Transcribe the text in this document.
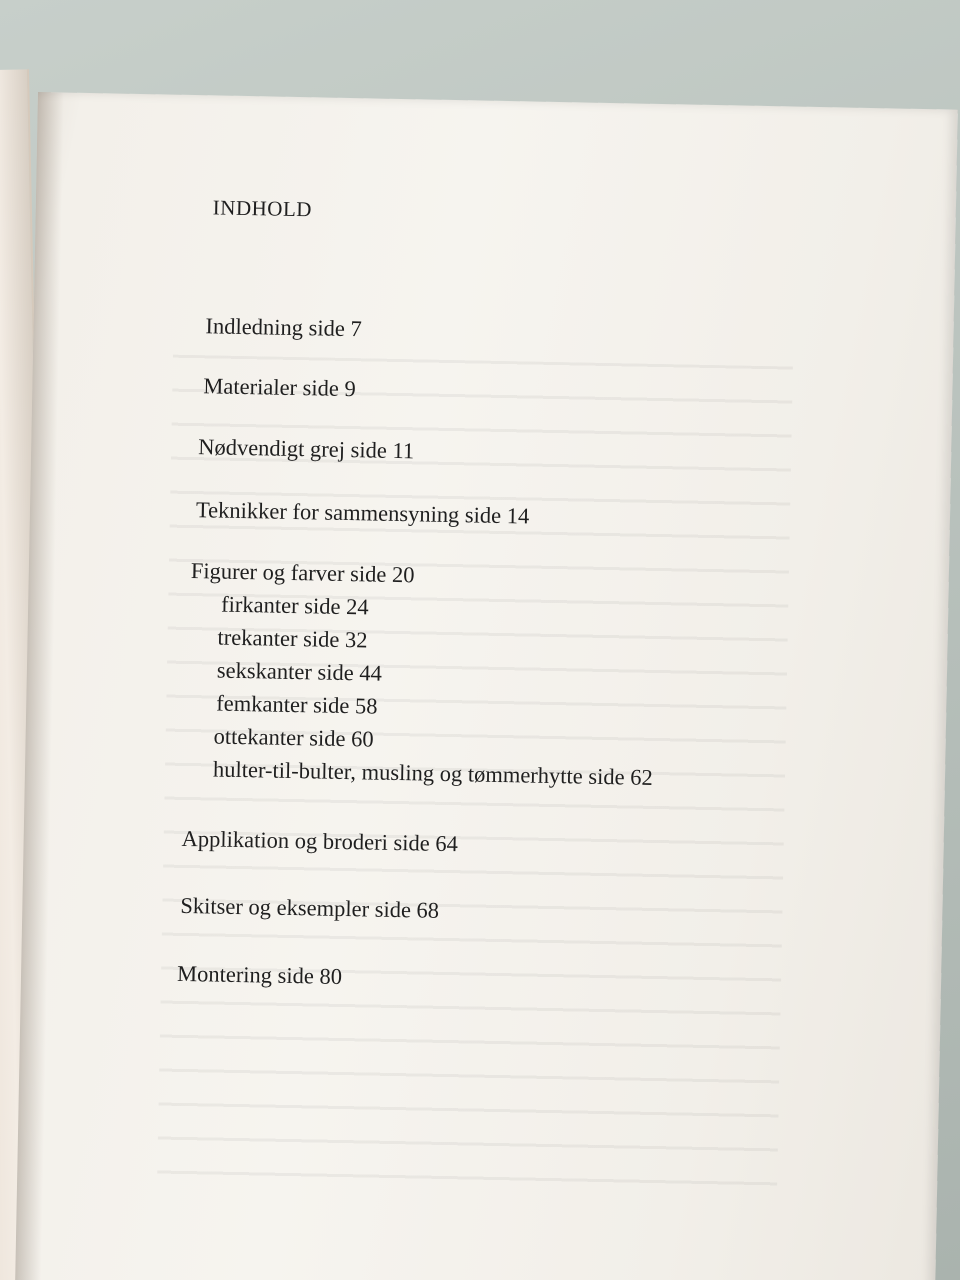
INDHOLD
Indledning side 7
Materialer side 9
Nødvendigt grej side 11
Teknikker for sammensyning side 14
Figurer og farver side 20
firkanter side 24
trekanter side 32
sekskanter side 44
femkanter side 58
ottekanter side 60
hulter-til-bulter, musling og tømmerhytte side 62
Applikation og broderi side 64
Skitser og eksempler side 68
Montering side 80
